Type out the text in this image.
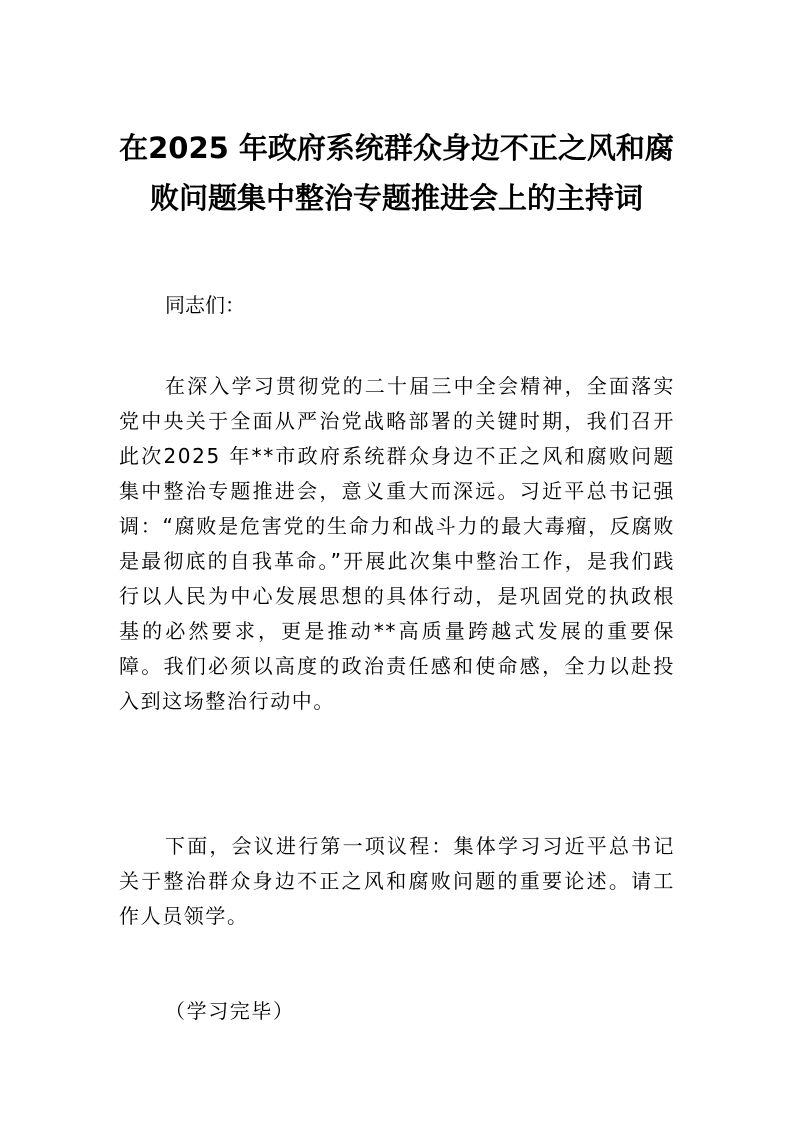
在2025 年政府系统群众身边不正之风和腐
败问题集中整治专题推进会上的主持词

同志们：

在深入学习贯彻党的二十届三中全会精神，全面落实党中央关于全面从严治党战略部署的关键时期，我们召开此次2025 年**市政府系统群众身边不正之风和腐败问题集中整治专题推进会，意义重大而深远。习近平总书记强调：“腐败是危害党的生命力和战斗力的最大毒瘤，反腐败是最彻底的自我革命。”开展此次集中整治工作，是我们践行以人民为中心发展思想的具体行动，是巩固党的执政根基的必然要求，更是推动**高质量跨越式发展的重要保障。我们必须以高度的政治责任感和使命感，全力以赴投入到这场整治行动中。

下面，会议进行第一项议程：集体学习习近平总书记关于整治群众身边不正之风和腐败问题的重要论述。请工作人员领学。

（学习完毕）
